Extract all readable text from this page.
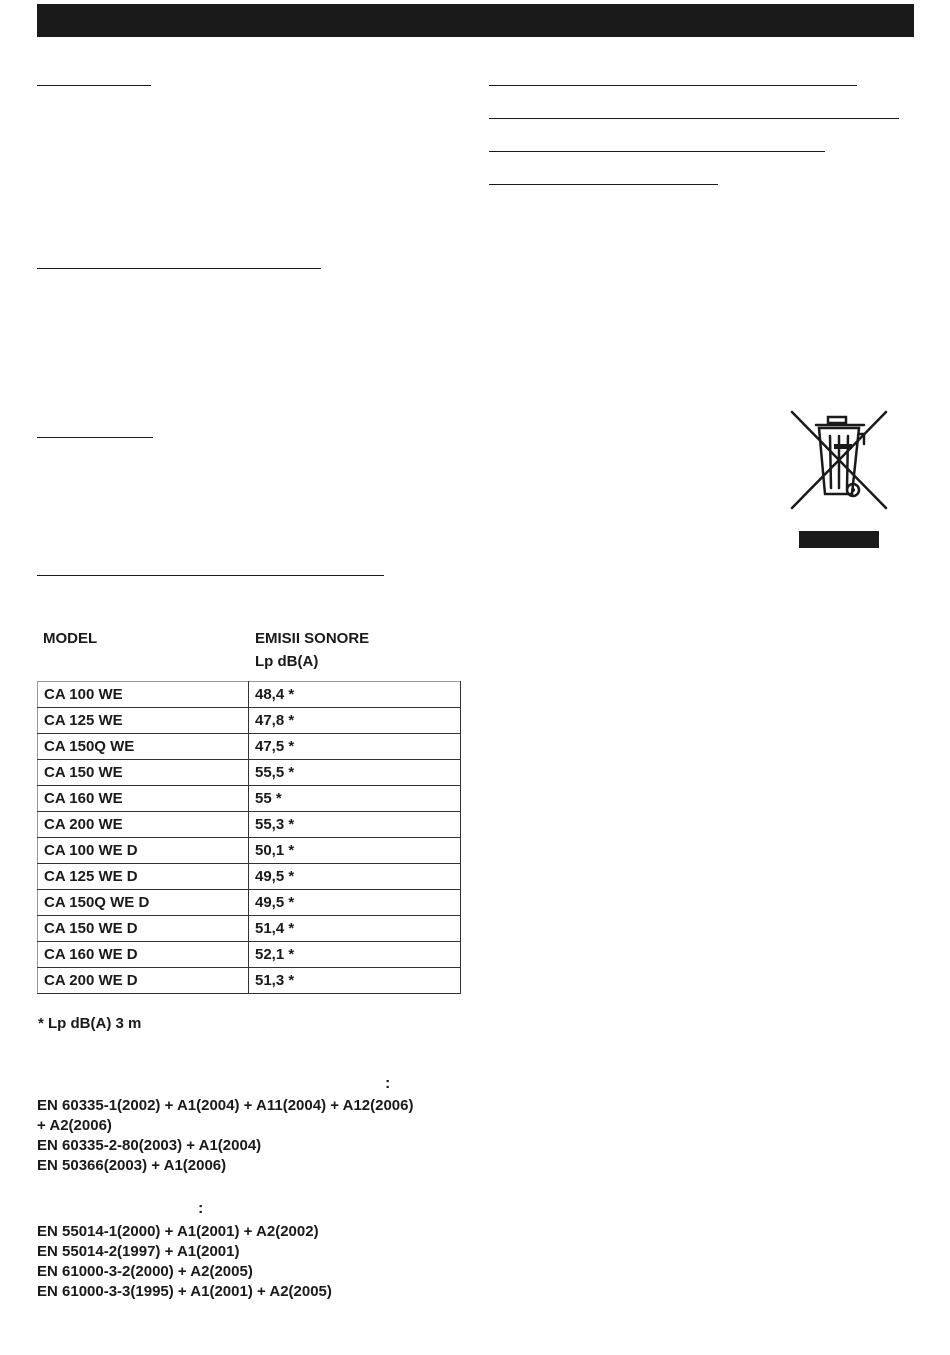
MODEL	EMISII SONORE
Lp dB(A)
CA 100 WE	48,4 *
CA 125 WE	47,8 *
CA 150Q WE	47,5 *
CA 150 WE	55,5 *
CA 160 WE	55 *
CA 200 WE	55,3 *
CA 100 WE D	50,1 *
CA 125 WE D	49,5 *
CA 150Q WE D	49,5 *
CA 150 WE D	51,4 *
CA 160 WE D	52,1 *
CA 200 WE D	51,3 *
* Lp dB(A) 3 m
:
EN 60335-1(2002) + A1(2004) + A11(2004) + A12(2006)
+ A2(2006)
EN 60335-2-80(2003) + A1(2004)
EN 50366(2003) + A1(2006)
:
EN 55014-1(2000) + A1(2001) + A2(2002)
EN 55014-2(1997) + A1(2001)
EN 61000-3-2(2000) + A2(2005)
EN 61000-3-3(1995) + A1(2001) + A2(2005)
